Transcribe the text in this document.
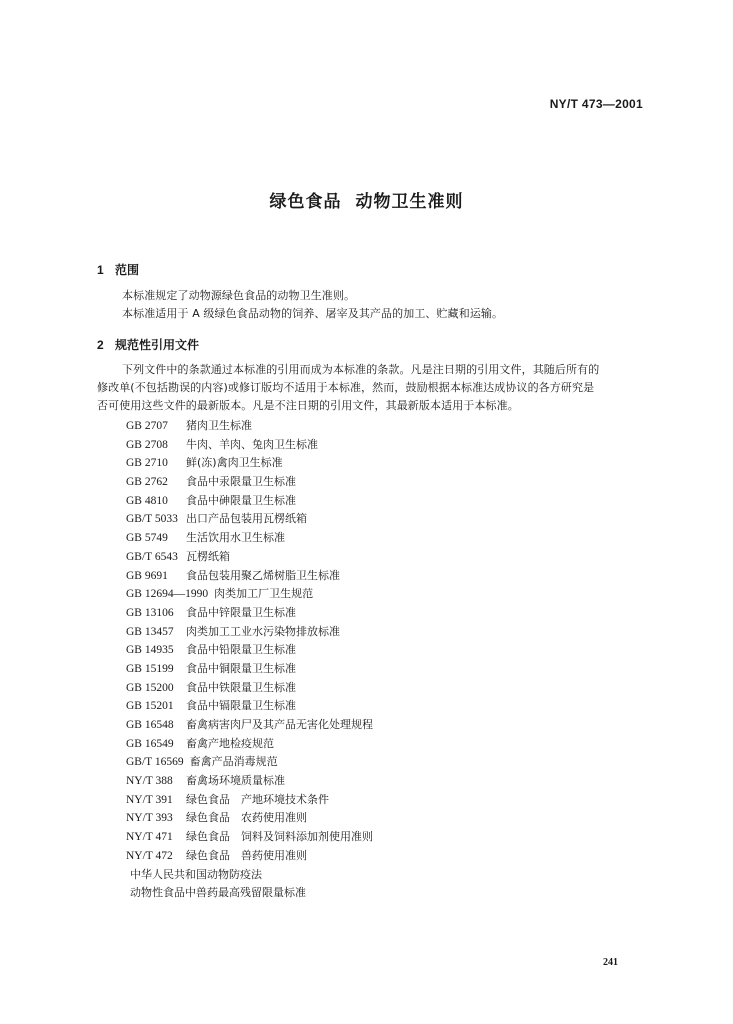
NY/T 473—2001
绿色食品 动物卫生准则
1 范围
本标准规定了动物源绿色食品的动物卫生准则。
本标准适用于 A 级绿色食品动物的饲养、屠宰及其产品的加工、贮藏和运输。
2 规范性引用文件
下列文件中的条款通过本标准的引用而成为本标准的条款。凡是注日期的引用文件，其随后所有的
修改单(不包括勘误的内容)或修订版均不适用于本标准，然而，鼓励根据本标准达成协议的各方研究是
否可使用这些文件的最新版本。凡是不注日期的引用文件，其最新版本适用于本标准。
GB 2707 猪肉卫生标准
GB 2708 牛肉、羊肉、兔肉卫生标准
GB 2710 鲜(冻)禽肉卫生标准
GB 2762 食品中汞限量卫生标准
GB 4810 食品中砷限量卫生标准
GB/T 5033 出口产品包装用瓦楞纸箱
GB 5749 生活饮用水卫生标准
GB/T 6543 瓦楞纸箱
GB 9691 食品包装用聚乙烯树脂卫生标准
GB 12694—1990 肉类加工厂卫生规范
GB 13106 食品中锌限量卫生标准
GB 13457 肉类加工工业水污染物排放标准
GB 14935 食品中铅限量卫生标准
GB 15199 食品中铜限量卫生标准
GB 15200 食品中铁限量卫生标准
GB 15201 食品中镉限量卫生标准
GB 16548 畜禽病害肉尸及其产品无害化处理规程
GB 16549 畜禽产地检疫规范
GB/T 16569 畜禽产品消毒规范
NY/T 388 畜禽场环境质量标准
NY/T 391 绿色食品　产地环境技术条件
NY/T 393 绿色食品　农药使用准则
NY/T 471 绿色食品　饲料及饲料添加剂使用准则
NY/T 472 绿色食品　兽药使用准则
中华人民共和国动物防疫法
动物性食品中兽药最高残留限量标准
241
